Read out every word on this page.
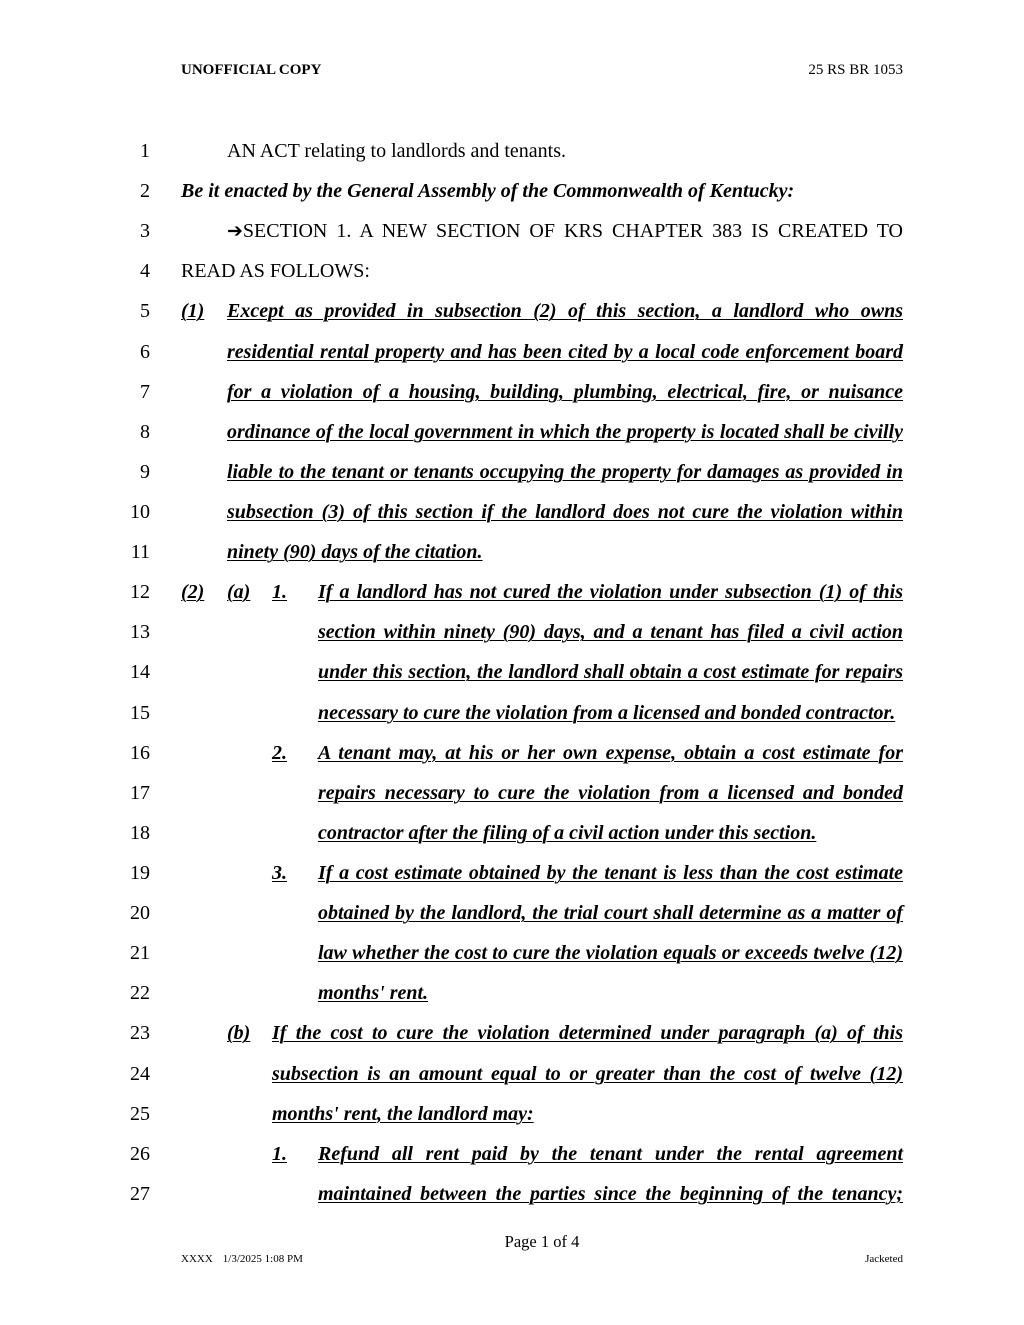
UNOFFICIAL COPY	25 RS BR 1053
1	AN ACT relating to landlords and tenants.
2 Be it enacted by the General Assembly of the Commonwealth of Kentucky:
3	➔SECTION 1. A NEW SECTION OF KRS CHAPTER 383 IS CREATED TO
4 READ AS FOLLOWS:
5 (1) Except as provided in subsection (2) of this section, a landlord who owns
6	residential rental property and has been cited by a local code enforcement board
7	for a violation of a housing, building, plumbing, electrical, fire, or nuisance
8	ordinance of the local government in which the property is located shall be civilly
9	liable to the tenant or tenants occupying the property for damages as provided in
10	subsection (3) of this section if the landlord does not cure the violation within
11	ninety (90) days of the citation.
12 (2) (a) 1. If a landlord has not cured the violation under subsection (1) of this
13	section within ninety (90) days, and a tenant has filed a civil action
14	under this section, the landlord shall obtain a cost estimate for repairs
15	necessary to cure the violation from a licensed and bonded contractor.
16	2. A tenant may, at his or her own expense, obtain a cost estimate for
17	repairs necessary to cure the violation from a licensed and bonded
18	contractor after the filing of a civil action under this section.
19	3. If a cost estimate obtained by the tenant is less than the cost estimate
20	obtained by the landlord, the trial court shall determine as a matter of
21	law whether the cost to cure the violation equals or exceeds twelve (12)
22	months' rent.
23	(b) If the cost to cure the violation determined under paragraph (a) of this
24	subsection is an amount equal to or greater than the cost of twelve (12)
25	months' rent, the landlord may:
26	1. Refund all rent paid by the tenant under the rental agreement
27	maintained between the parties since the beginning of the tenancy;
Page 1 of 4
XXXX 1/3/2025 1:08 PM	Jacketed
